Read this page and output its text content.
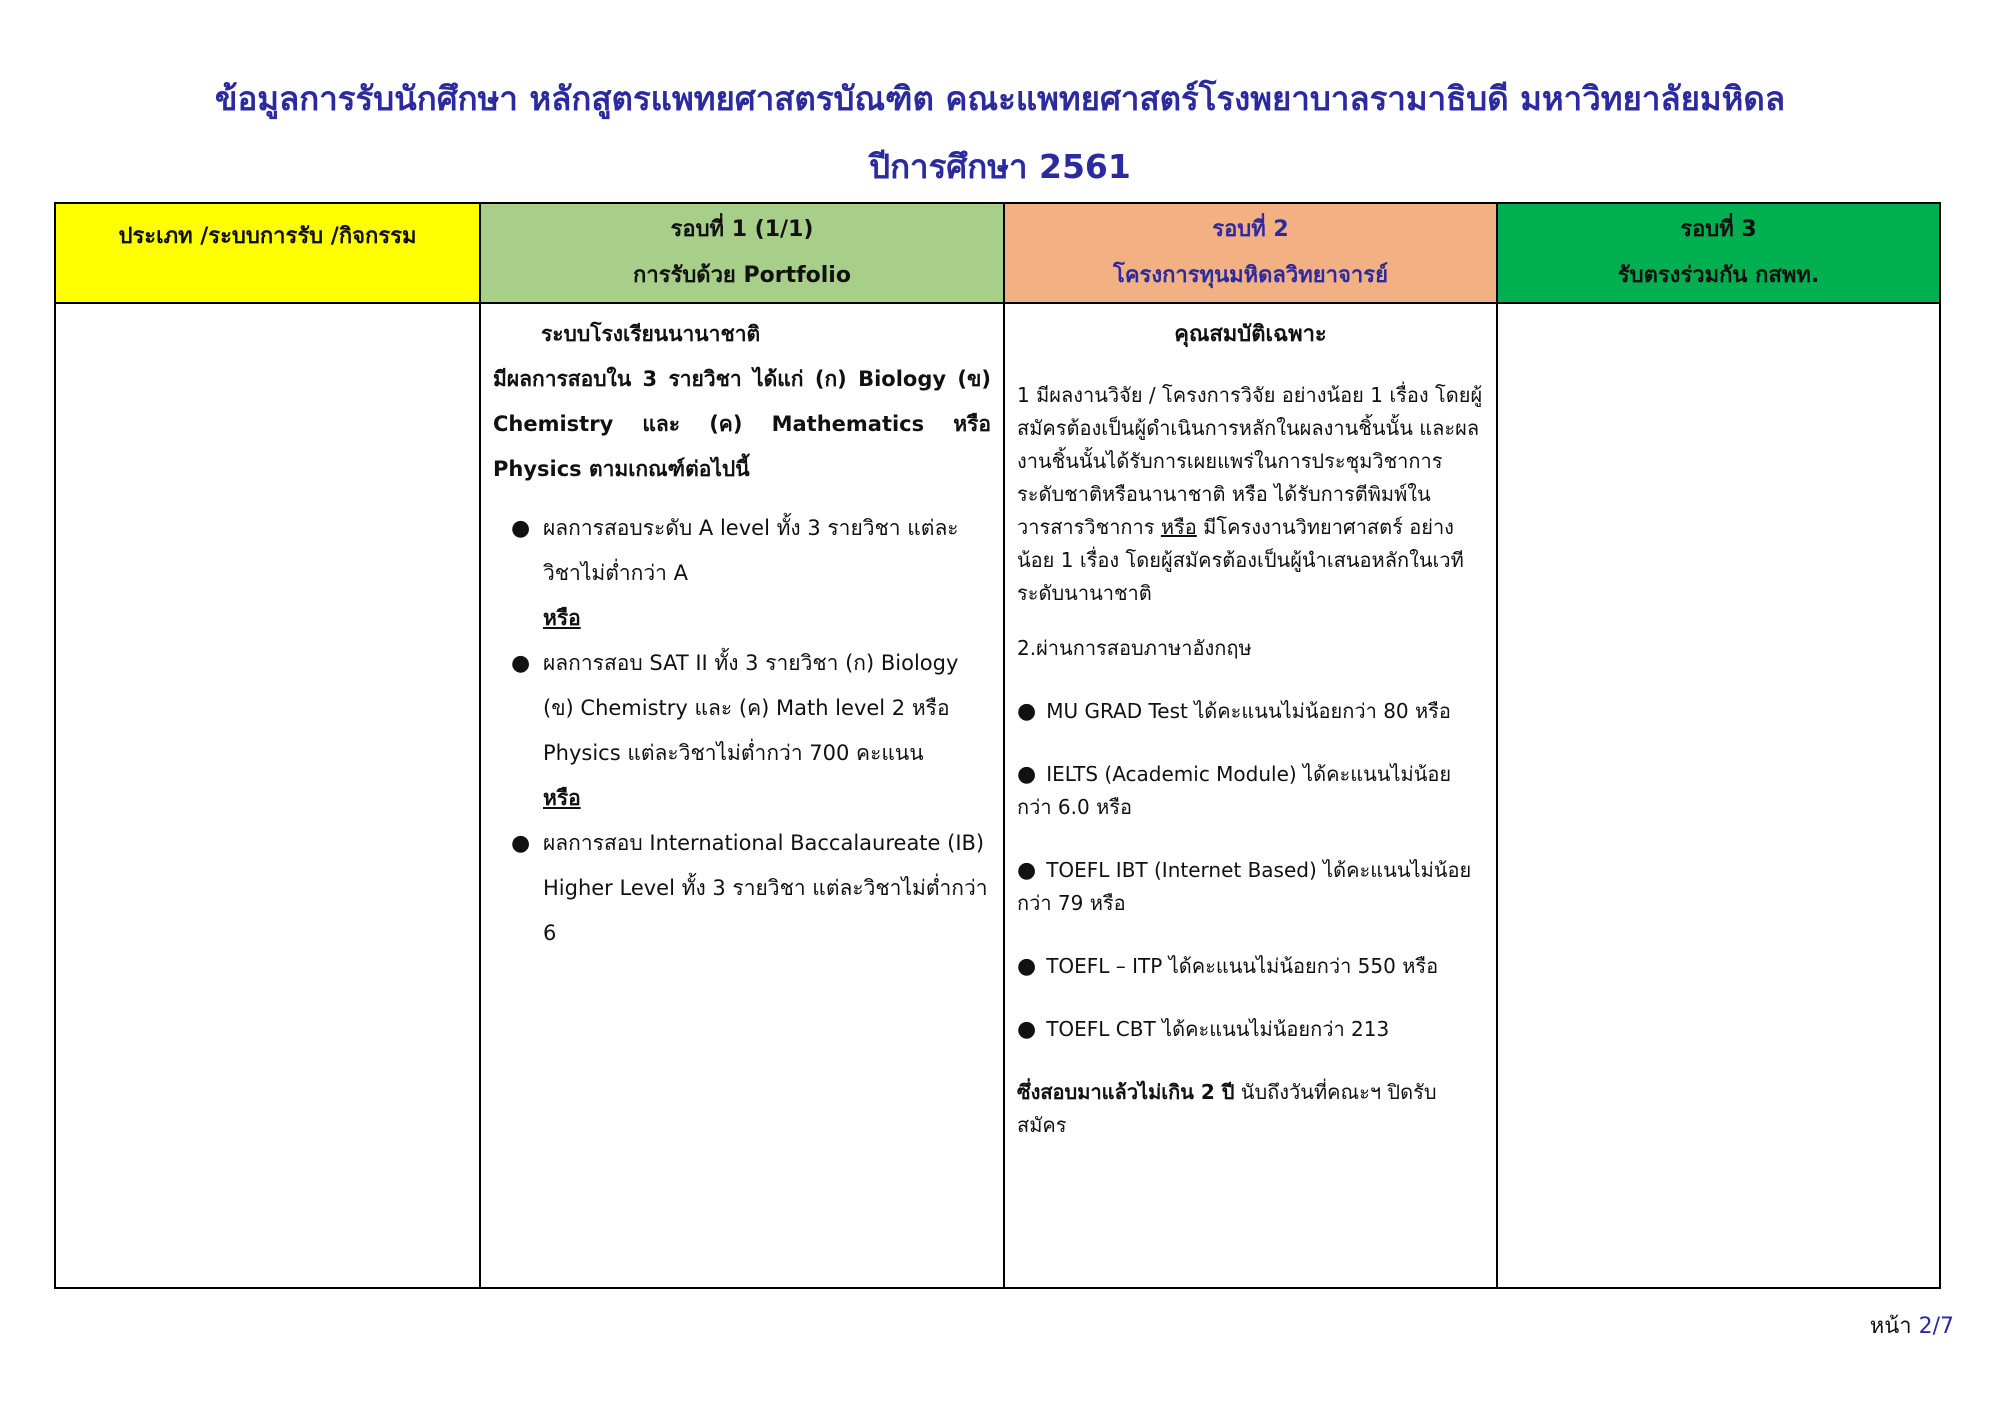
ข้อมูลการรับนักศึกษา หลักสูตรแพทยศาสตรบัณฑิต คณะแพทยศาสตร์โรงพยาบาลรามาธิบดี มหาวิทยาลัยมหิดล
ปีการศึกษา 2561
ประเภท /ระบบการรับ /กิจกรรม	รอบที่ 1 (1/1)
การรับด้วย Portfolio
รอบที่ 2
โครงการทุนมหิดลวิทยาจารย์
รอบที่ 3
รับตรงร่วมกัน กสพท.
ระบบโรงเรียนนานาชาติ
มีผลการสอบใน 3 รายวิชา ได้แก่ (ก) Biology (ข) Chemistry และ (ค) Mathematics หรือ Physics ตามเกณฑ์ต่อไปนี้
● ผลการสอบระดับ A level ทั้ง 3 รายวิชา แต่ละวิชาไม่ต่ำกว่า A
หรือ
● ผลการสอบ SAT II ทั้ง 3 รายวิชา (ก) Biology (ข) Chemistry และ (ค) Math level 2 หรือ Physics แต่ละวิชาไม่ต่ำกว่า 700 คะแนน
หรือ
● ผลการสอบ International Baccalaureate (IB) Higher Level ทั้ง 3 รายวิชา แต่ละวิชาไม่ต่ำกว่า 6
คุณสมบัติเฉพาะ

1 มีผลงานวิจัย / โครงการวิจัย อย่างน้อย 1 เรื่อง โดยผู้สมัครต้องเป็นผู้ดำเนินการหลักในผลงานชิ้นนั้น และผลงานชิ้นนั้นได้รับการเผยแพร่ในการประชุมวิชาการระดับชาติหรือนานาชาติ หรือ ได้รับการตีพิมพ์ในวารสารวิชาการ หรือ มีโครงงานวิทยาศาสตร์ อย่างน้อย 1 เรื่อง โดยผู้สมัครต้องเป็นผู้นำเสนอหลักในเวทีระดับนานาชาติ

2.ผ่านการสอบภาษาอังกฤษ

● MU GRAD Test ได้คะแนนไม่น้อยกว่า 80 หรือ
● IELTS (Academic Module) ได้คะแนนไม่น้อยกว่า 6.0 หรือ
● TOEFL IBT (Internet Based) ได้คะแนนไม่น้อยกว่า 79 หรือ
● TOEFL – ITP ได้คะแนนไม่น้อยกว่า 550 หรือ
● TOEFL CBT ได้คะแนนไม่น้อยกว่า 213

ซึ่งสอบมาแล้วไม่เกิน 2 ปี นับถึงวันที่คณะฯ ปิดรับสมัคร

หน้า 2/7
